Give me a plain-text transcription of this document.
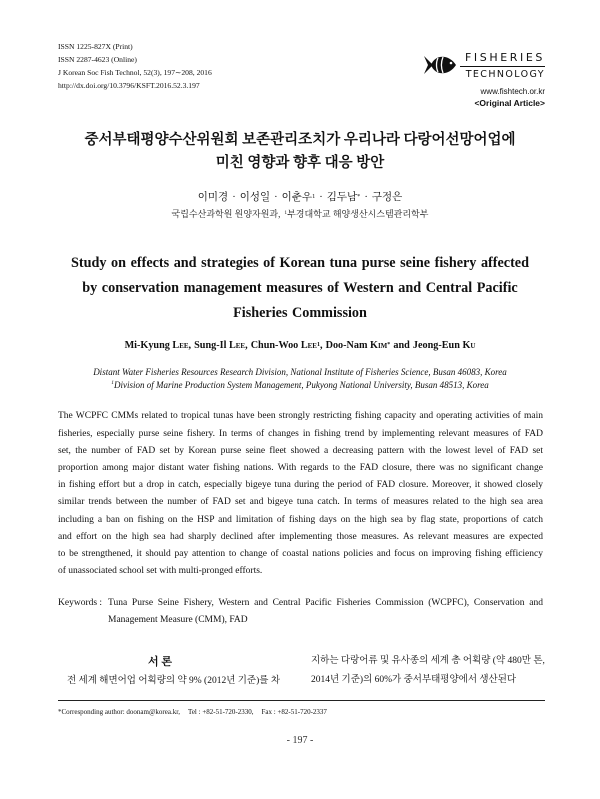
ISSN 1225-827X (Print)
ISSN 2287-4623 (Online)
J Korean Soc Fish Technol, 52(3), 197∼208, 2016
http://dx.doi.org/10.3796/KSFT.2016.52.3.197
FISHERIES
TECHNOLOGY
www.fishtech.or.kr
<Original Article>
중서부태평양수산위원회 보존관리조치가 우리나라 다랑어선망어업에
미친 영향과 향후 대응 방안
이미경 · 이성일 · 이춘우$^1$ · 김두남* · 구정은
국립수산과학원 원양자원과, $^1$부경대학교 해양생산시스템관리학부
Study on effects and strategies of Korean tuna purse seine fishery affected
by conservation management measures of Western and Central Pacific
Fisheries Commission
Mi-Kyung Lee, Sung-Il Lee, Chun-Woo Lee$^1$, Doo-Nam Kim* and Jeong-Eun Ku
Distant Water Fisheries Resources Research Division, National Institute of Fisheries Science, Busan 46083, Korea
$^1$Division of Marine Production System Management, Pukyong National University, Busan 48513, Korea
The WCPFC CMMs related to tropical tunas have been strongly restricting fishing capacity and operating activities of main
fisheries, especially purse seine fishery. In terms of changes in fishing trend by implementing relevant measures of FAD
set, the number of FAD set by Korean purse seine fleet showed a decreasing pattern with the lowest level of FAD set
proportion among major distant water fishing nations. With regards to the FAD closure, there was no significant change
in fishing effort but a drop in catch, especially bigeye tuna during the period of FAD closure. Moreover, it showed closely
similar trends between the number of FAD set and bigeye tuna catch. In terms of measures related to the high sea area
including a ban on fishing on the HSP and limitation of fishing days on the high sea by flag state, proportions of catch
and effort on the high sea had sharply declined after implementing those measures. As relevant measures are expected
to be strengthened, it should pay attention to change of coastal nations policies and focus on improving fishing efficiency
of unassociated school set with multi-pronged efforts.
Keywords : Tuna Purse Seine Fishery, Western and Central Pacific Fisheries Commission (WCPFC), Conservation and Management Measure (CMM), FAD
서 론
전 세계 해면어업 어획량의 약 9% (2012년 기준)를 차
지하는 다랑어류 및 유사종의 세계 총 어획량 (약 480만 톤,
2014년 기준)의 60%가 중서부태평양에서 생산된다
*Corresponding author: doonam@korea.kr, Tel : +82-51-720-2330, Fax : +82-51-720-2337
- 197 -
